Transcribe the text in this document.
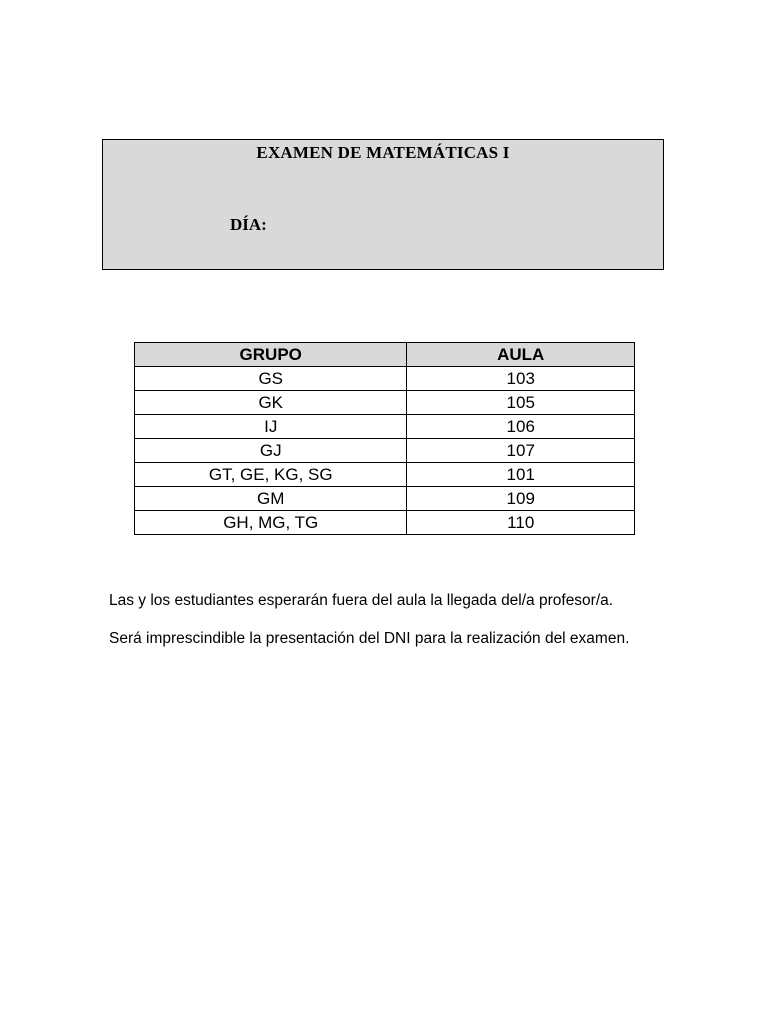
EXAMEN DE MATEMÁTICAS I
DÍA:
GRUPO	AULA
GS	103
GK	105
IJ	106
GJ	107
GT, GE, KG, SG	101
GM	109
GH, MG, TG	110
Las y los estudiantes esperarán fuera del aula la llegada del/a profesor/a.
Será imprescindible la presentación del DNI para la realización del examen.
